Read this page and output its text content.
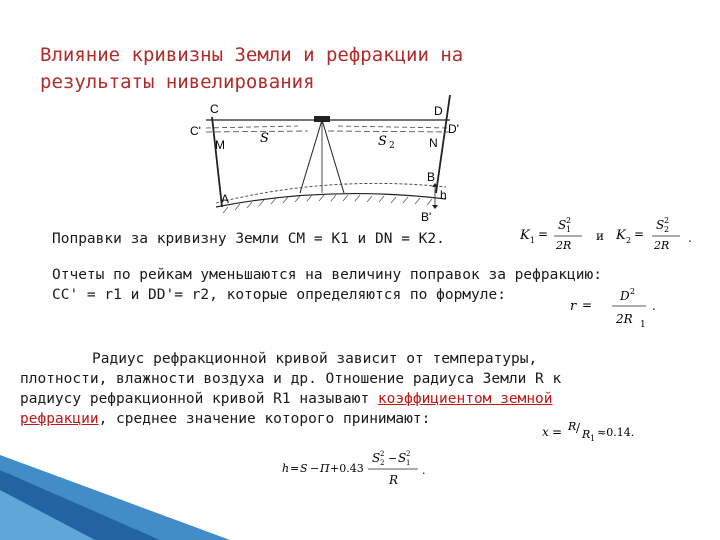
Влияние кривизны Земли и рефракции на
результаты нивелирования
C
C'
M	S	S 2
D
D'
N
A
B
h
B'
Поправки за кривизну Земли CM = K1 и DN = K2.	K 1 =
S 2
1
2R
и K 2 =
S 2
2
2R
.
Отчеты по рейкам уменьшаются на величину поправок за рефракцию:
CC' = r1 и DD'= r2, которые определяются по формуле:
r =
D 2
2R 1
.
Радиус рефракционной кривой зависит от температуры,
плотности, влажности воздуха и др. Отношение радиуса Земли R к
радиусу рефракционной кривой R1 называют коэффициентом земной
рефракции, среднее значение которого принимают:
x = R / R 1 ≈0.14.
h = S − П +0.43
S 2
2 − S 2
1
R
.
